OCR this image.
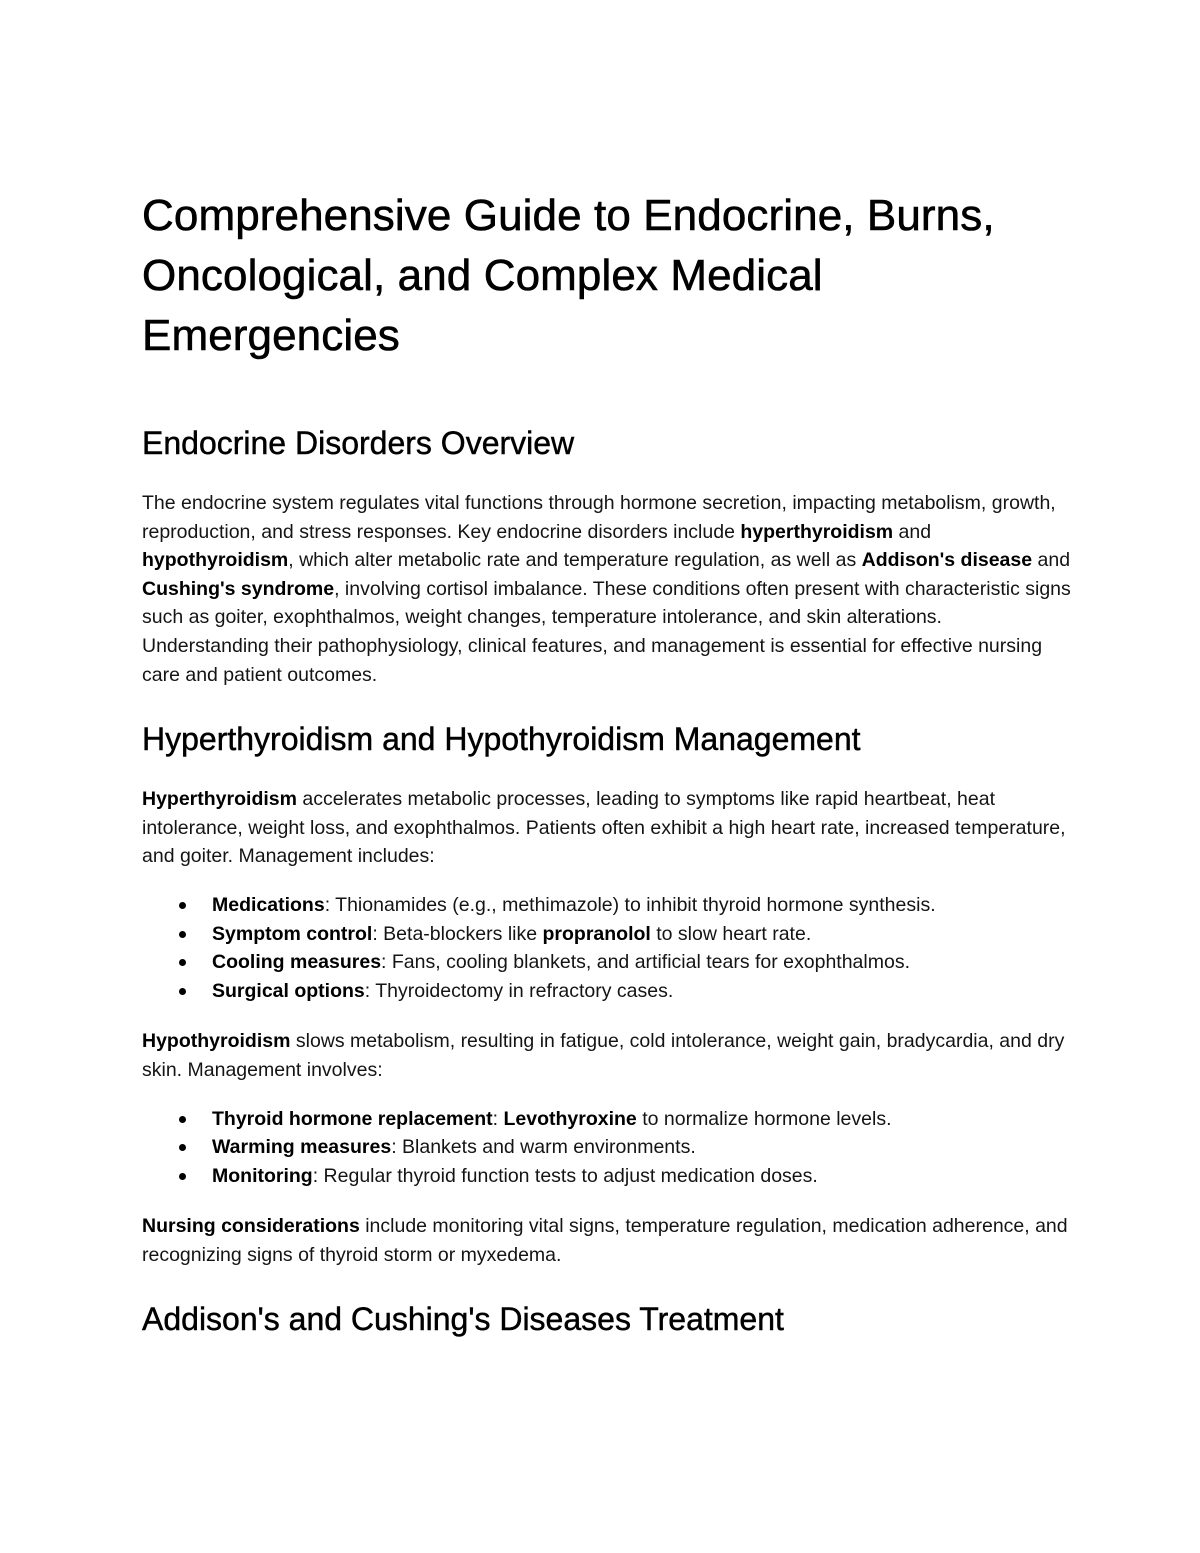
Comprehensive Guide to Endocrine, Burns, Oncological, and Complex Medical Emergencies
Endocrine Disorders Overview

The endocrine system regulates vital functions through hormone secretion, impacting metabolism, growth, reproduction, and stress responses. Key endocrine disorders include hyperthyroidism and hypothyroidism, which alter metabolic rate and temperature regulation, as well as Addison's disease and Cushing's syndrome, involving cortisol imbalance. These conditions often present with characteristic signs such as goiter, exophthalmos, weight changes, temperature intolerance, and skin alterations. Understanding their pathophysiology, clinical features, and management is essential for effective nursing care and patient outcomes.

Hyperthyroidism and Hypothyroidism Management

Hyperthyroidism accelerates metabolic processes, leading to symptoms like rapid heartbeat, heat intolerance, weight loss, and exophthalmos. Patients often exhibit a high heart rate, increased temperature, and goiter. Management includes:

Medications: Thionamides (e.g., methimazole) to inhibit thyroid hormone synthesis.
Symptom control: Beta-blockers like propranolol to slow heart rate.
Cooling measures: Fans, cooling blankets, and artificial tears for exophthalmos.
Surgical options: Thyroidectomy in refractory cases.

Hypothyroidism slows metabolism, resulting in fatigue, cold intolerance, weight gain, bradycardia, and dry skin. Management involves:

Thyroid hormone replacement: Levothyroxine to normalize hormone levels.
Warming measures: Blankets and warm environments.
Monitoring: Regular thyroid function tests to adjust medication doses.

Nursing considerations include monitoring vital signs, temperature regulation, medication adherence, and recognizing signs of thyroid storm or myxedema.

Addison's and Cushing's Diseases Treatment
